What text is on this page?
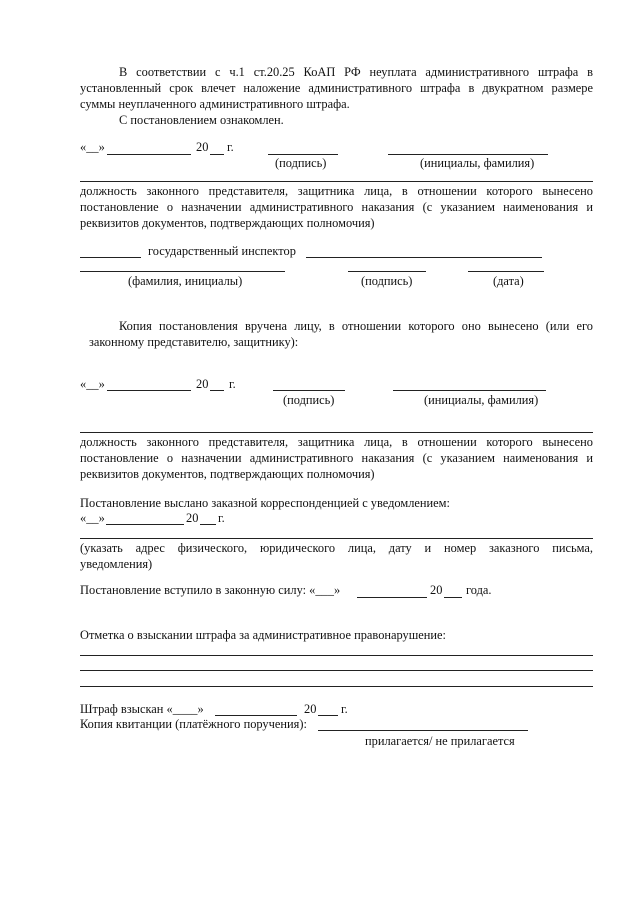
В соответствии с ч.1 ст.20.25 КоАП РФ неуплата административного штрафа в
установленный срок влечет наложение административного штрафа в двукратном размере
суммы неуплаченного административного штрафа.
С постановлением ознакомлен.
«__»	20 г.
(подпись)	(инициалы, фамилия)
должность законного представителя, защитника лица, в отношении которого вынесено
постановление о назначении административного наказания (с указанием наименования и
реквизитов документов, подтверждающих полномочия)
государственный инспектор
(фамилия, инициалы)	(подпись)	(дата)
Копия постановления вручена лицу, в отношении которого оно вынесено (или его
законному представителю, защитнику):
«__»	20 г.
(подпись)	(инициалы, фамилия)
должность законного представителя, защитника лица, в отношении которого вынесено
постановление о назначении административного наказания (с указанием наименования и
реквизитов документов, подтверждающих полномочия)
Постановление выслано заказной корреспонденцией с уведомлением:
«__»	20 г.
(указать адрес физического, юридического лица, дату и номер заказного письма,
уведомления)
Постановление вступило в законную силу: «___»	20 года.
Отметка о взыскании штрафа за административное правонарушение:
Штраф взыскан «____»	20 г.
Копия квитанции (платёжного поручения):
прилагается/ не прилагается
